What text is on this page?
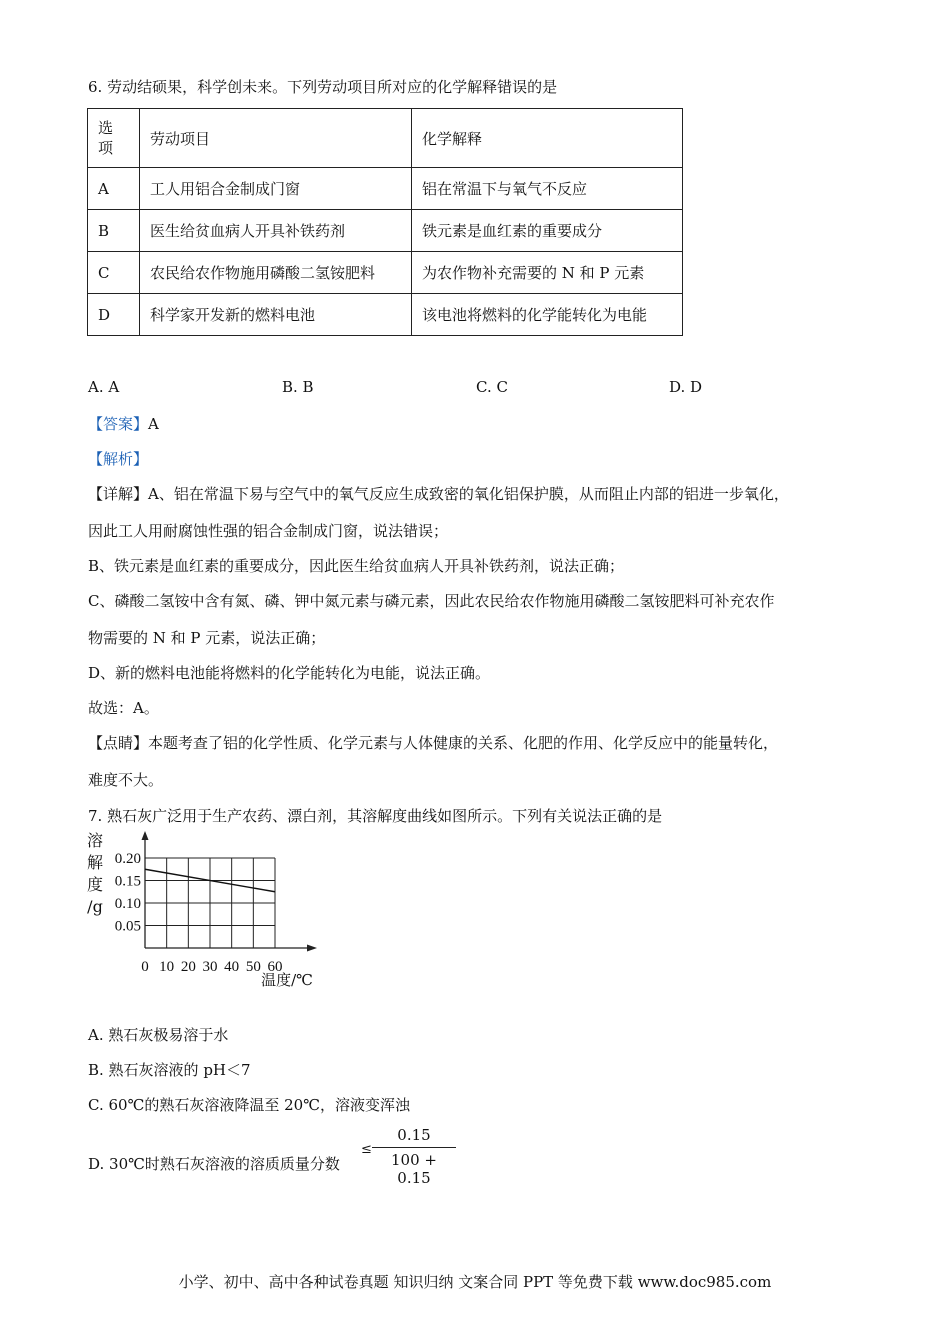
6. 劳动结硕果，科学创未来。下列劳动项目所对应的化学解释错误的是
选项	劳动项目	化学解释
A	工人用铝合金制成门窗	铝在常温下与氧气不反应
B	医生给贫血病人开具补铁药剂	铁元素是血红素的重要成分
C	农民给农作物施用磷酸二氢铵肥料	为农作物补充需要的 N 和 P 元素
D	科学家开发新的燃料电池	该电池将燃料的化学能转化为电能
A. A	B. B	C. C	D. D
【答案】A
【解析】
【详解】A、铝在常温下易与空气中的氧气反应生成致密的氧化铝保护膜，从而阻止内部的铝进一步氧化，
因此工人用耐腐蚀性强的铝合金制成门窗，说法错误；
B、铁元素是血红素的重要成分，因此医生给贫血病人开具补铁药剂，说法正确；
C、磷酸二氢铵中含有氮、磷、钾中氮元素与磷元素，因此农民给农作物施用磷酸二氢铵肥料可补充农作
物需要的 N 和 P 元素，说法正确；
D、新的燃料电池能将燃料的化学能转化为电能，说法正确。
故选：A。
【点睛】本题考查了铝的化学性质、化学元素与人体健康的关系、化肥的作用、化学反应中的能量转化，
难度不大。
7. 熟石灰广泛用于生产农药、漂白剂，其溶解度曲线如图所示。下列有关说法正确的是
0.05
0.10
0.15
0.20
0 10 20 30 40 50 60
溶
解
度
/g
温度/℃
A. 熟石灰极易溶于水
B. 熟石灰溶液的 pH＜7
C. 60℃的熟石灰溶液降温至 20℃，溶液变浑浊
D. 30℃时熟石灰溶液的溶质质量分数
≤
0.15
100 + 0.15
小学、初中、高中各种试卷真题 知识归纳 文案合同 PPT 等免费下载 www.doc985.com
